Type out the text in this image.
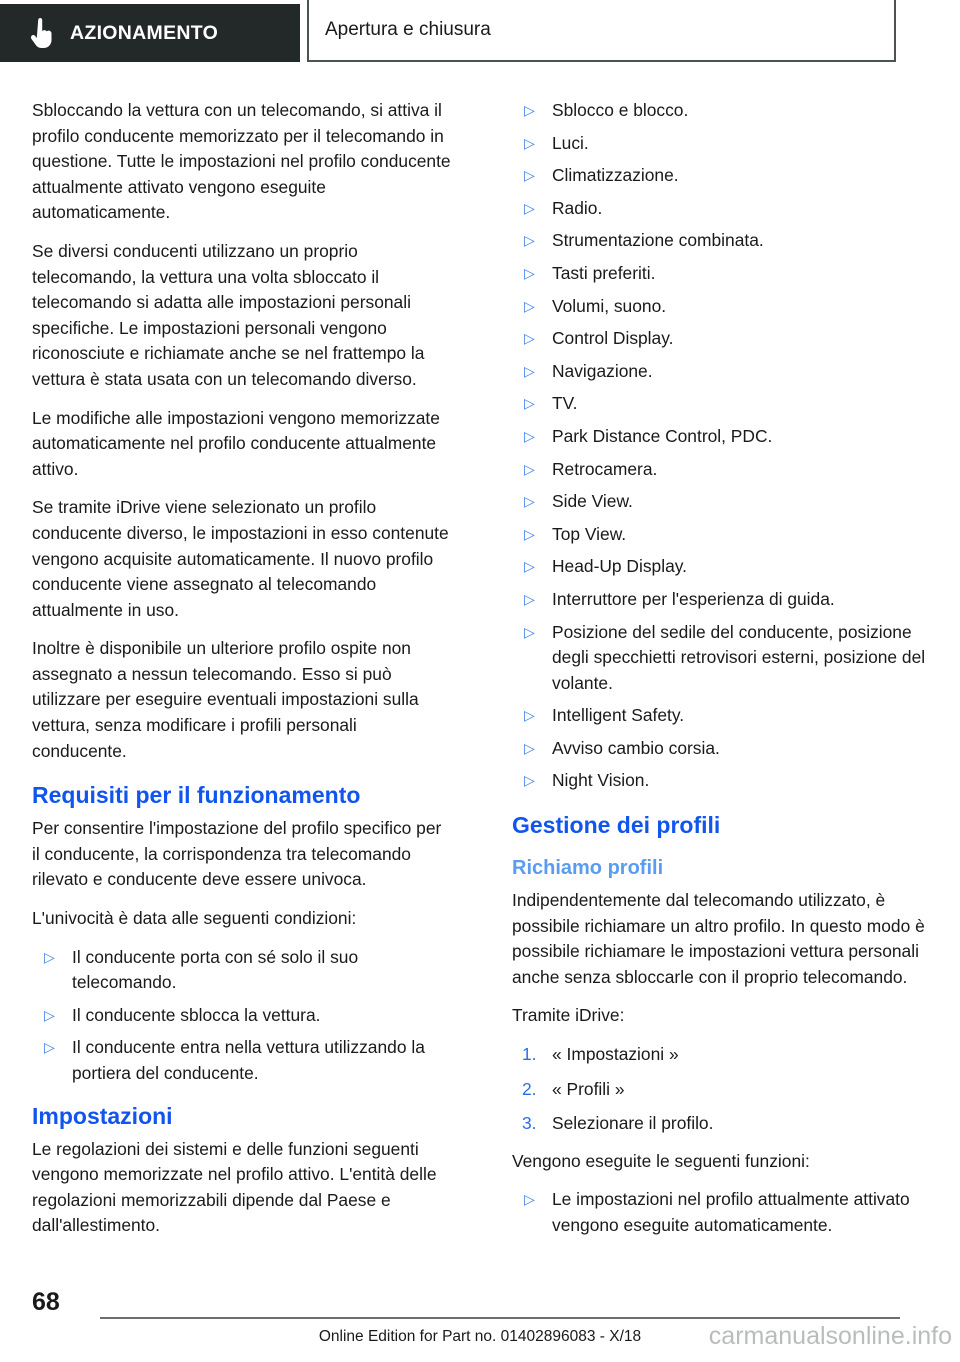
AZIONAMENTO	Apertura e chiusura

Sbloccando la vettura con un telecomando, si attiva il profilo conducente memorizzato per il telecomando in questione. Tutte le impostazioni nel profilo conducente attualmente attivato vengono eseguite automaticamente.

Se diversi conducenti utilizzano un proprio telecomando, la vettura una volta sbloccato il telecomando si adatta alle impostazioni personali specifiche. Le impostazioni personali vengono riconosciute e richiamate anche se nel frattempo la vettura è stata usata con un telecomando diverso.

Le modifiche alle impostazioni vengono memorizzate automaticamente nel profilo conducente attualmente attivo.

Se tramite iDrive viene selezionato un profilo conducente diverso, le impostazioni in esso contenute vengono acquisite automaticamente. Il nuovo profilo conducente viene assegnato al telecomando attualmente in uso.

Inoltre è disponibile un ulteriore profilo ospite non assegnato a nessun telecomando. Esso si può utilizzare per eseguire eventuali impostazioni sulla vettura, senza modificare i profili personali conducente.

Requisiti per il funzionamento

Per consentire l'impostazione del profilo specifico per il conducente, la corrispondenza tra telecomando rilevato e conducente deve essere univoca.

L'univocità è data alle seguenti condizioni:

▷ Il conducente porta con sé solo il suo telecomando.
▷ Il conducente sblocca la vettura.
▷ Il conducente entra nella vettura utilizzando la portiera del conducente.
Impostazioni

Le regolazioni dei sistemi e delle funzioni seguenti vengono memorizzate nel profilo attivo. L'entità delle regolazioni memorizzabili dipende dal Paese e dall'allestimento.

▷ Sblocco e blocco.
▷ Luci.
▷ Climatizzazione.
▷ Radio.
▷ Strumentazione combinata.
▷ Tasti preferiti.
▷ Volumi, suono.
▷ Control Display.
▷ Navigazione.
▷ TV.
▷ Park Distance Control, PDC.
▷ Retrocamera.
▷ Side View.
▷ Top View.
▷ Head-Up Display.
▷ Interruttore per l'esperienza di guida.
▷ Posizione del sedile del conducente, posizione degli specchietti retrovisori esterni, posizione del volante.
▷ Intelligent Safety.
▷ Avviso cambio corsia.
▷ Night Vision.
Gestione dei profili
Richiamo profili

Indipendentemente dal telecomando utilizzato, è possibile richiamare un altro profilo. In questo modo è possibile richiamare le impostazioni vettura personali anche senza sbloccarle con il proprio telecomando.

Tramite iDrive:

1. « Impostazioni »
2. « Profili »
3. Selezionare il profilo.

Vengono eseguite le seguenti funzioni:

▷ Le impostazioni nel profilo attualmente attivato vengono eseguite automaticamente.
68
Online Edition for Part no. 01402896083 - X/18	carmanualsonline.info
